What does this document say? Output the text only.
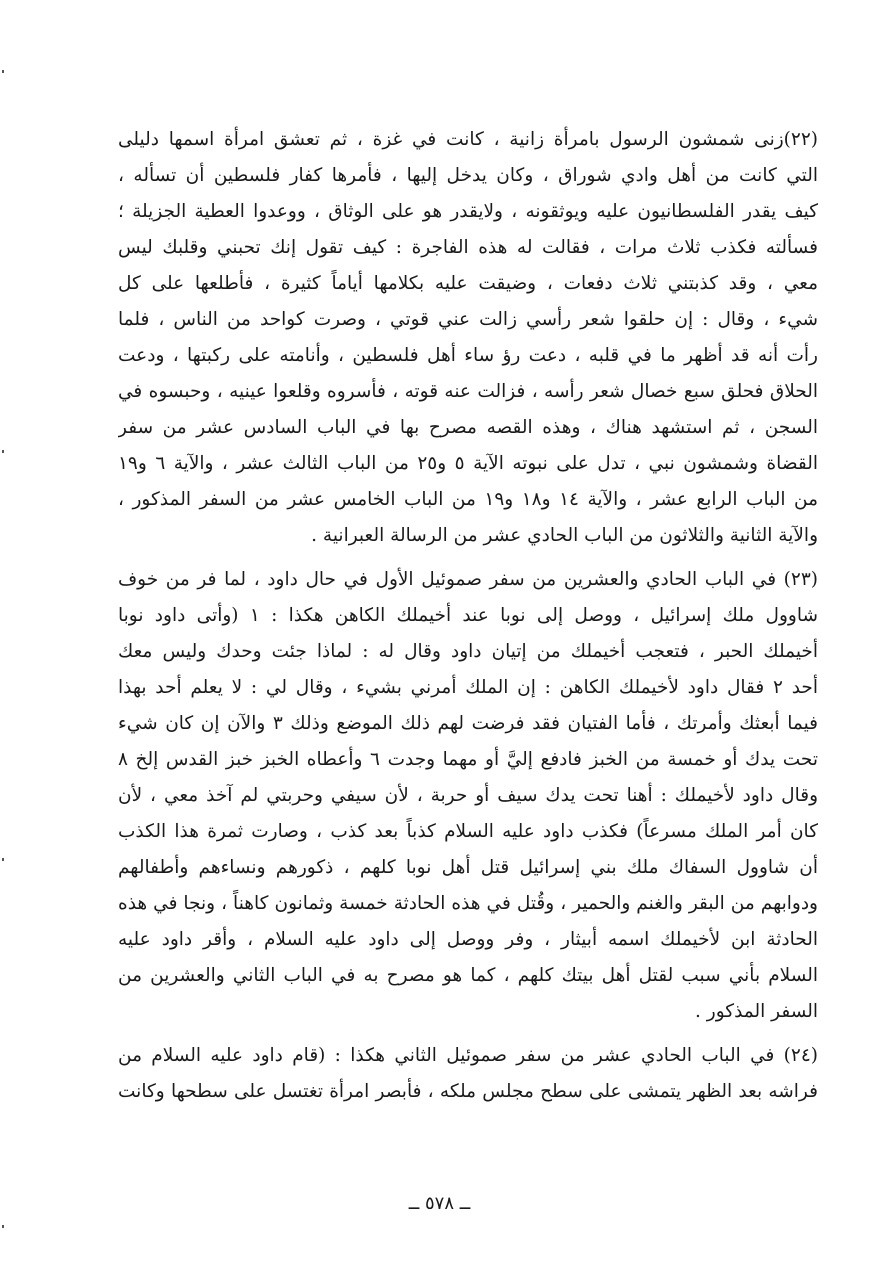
(٢٢)زنى شمشون الرسول بامرأة زانية ، كانت في غزة ، ثم تعشق امرأة اسمها دليلى
التي كانت من أهل وادي شوراق ، وكان يدخل إليها ، فأمرها كفار فلسطين أن تسأله ،
كيف يقدر الفلسطانيون عليه ويوثقونه ، ولايقدر هو على الوثاق ، ووعدوا العطية الجزيلة ؛
فسألته فكذب ثلاث مرات ، فقالت له هذه الفاجرة : كيف تقول إنك تحبني وقلبك ليس
معي ، وقد كذبتني ثلاث دفعات ، وضيقت عليه بكلامها أياماً كثيرة ، فأطلعها على كل
شيء ، وقال : إن حلقوا شعر رأسي زالت عني قوتي ، وصرت كواحد من الناس ، فلما
رأت أنه قد أظهر ما في قلبه ، دعت رؤ ساء أهل فلسطين ، وأنامته على ركبتها ، ودعت
الحلاق فحلق سبع خصال شعر رأسه ، فزالت عنه قوته ، فأسروه وقلعوا عينيه ، وحبسوه في
السجن ، ثم استشهد هناك ، وهذه القصه مصرح بها في الباب السادس عشر من سفر
القضاة وشمشون نبي ، تدل على نبوته الآية ٥ و٢٥ من الباب الثالث عشر ، والآية ٦ و١٩
من الباب الرابع عشر ، والآية ١٤ و١٨ و١٩ من الباب الخامس عشر من السفر المذكور ،
والآية الثانية والثلاثون من الباب الحادي عشر من الرسالة العبرانية .
(٢٣) في الباب الحادي والعشرين من سفر صموئيل الأول في حال داود ، لما فر من خوف
شاوول ملك إسرائيل ، ووصل إلى نوبا عند أخيملك الكاهن هكذا : ١ (وأتى داود نوبا
أخيملك الحبر ، فتعجب أخيملك من إتيان داود وقال له : لماذا جئت وحدك وليس معك
أحد ٢ فقال داود لأخيملك الكاهن : إن الملك أمرني بشيء ، وقال لي : لا يعلم أحد بهذا
فيما أبعثك وأمرتك ، فأما الفتيان فقد فرضت لهم ذلك الموضع وذلك ٣ والآن إن كان شيء
تحت يدك أو خمسة من الخبز فادفع إليَّ أو مهما وجدت ٦ وأعطاه الخبز خبز القدس إلخ ٨
وقال داود لأخيملك : أهنا تحت يدك سيف أو حربة ، لأن سيفي وحربتي لم آخذ معي ، لأن
كان أمر الملك مسرعاً) فكذب داود عليه السلام كذباً بعد كذب ، وصارت ثمرة هذا الكذب
أن شاوول السفاك ملك بني إسرائيل قتل أهل نوبا كلهم ، ذكورهم ونساءهم وأطفالهم
ودوابهم من البقر والغنم والحمير ، وقُتل في هذه الحادثة خمسة وثمانون كاهناً ، ونجا في هذه
الحادثة ابن لأخيملك اسمه أبيثار ، وفر ووصل إلى داود عليه السلام ، وأقر داود عليه
السلام بأني سبب لقتل أهل بيتك كلهم ، كما هو مصرح به في الباب الثاني والعشرين من
السفر المذكور .
(٢٤) في الباب الحادي عشر من سفر صموئيل الثاني هكذا : (قام داود عليه السلام من
فراشه بعد الظهر يتمشى على سطح مجلس ملكه ، فأبصر امرأة تغتسل على سطحها وكانت
ــ ٥٧٨ ــ
